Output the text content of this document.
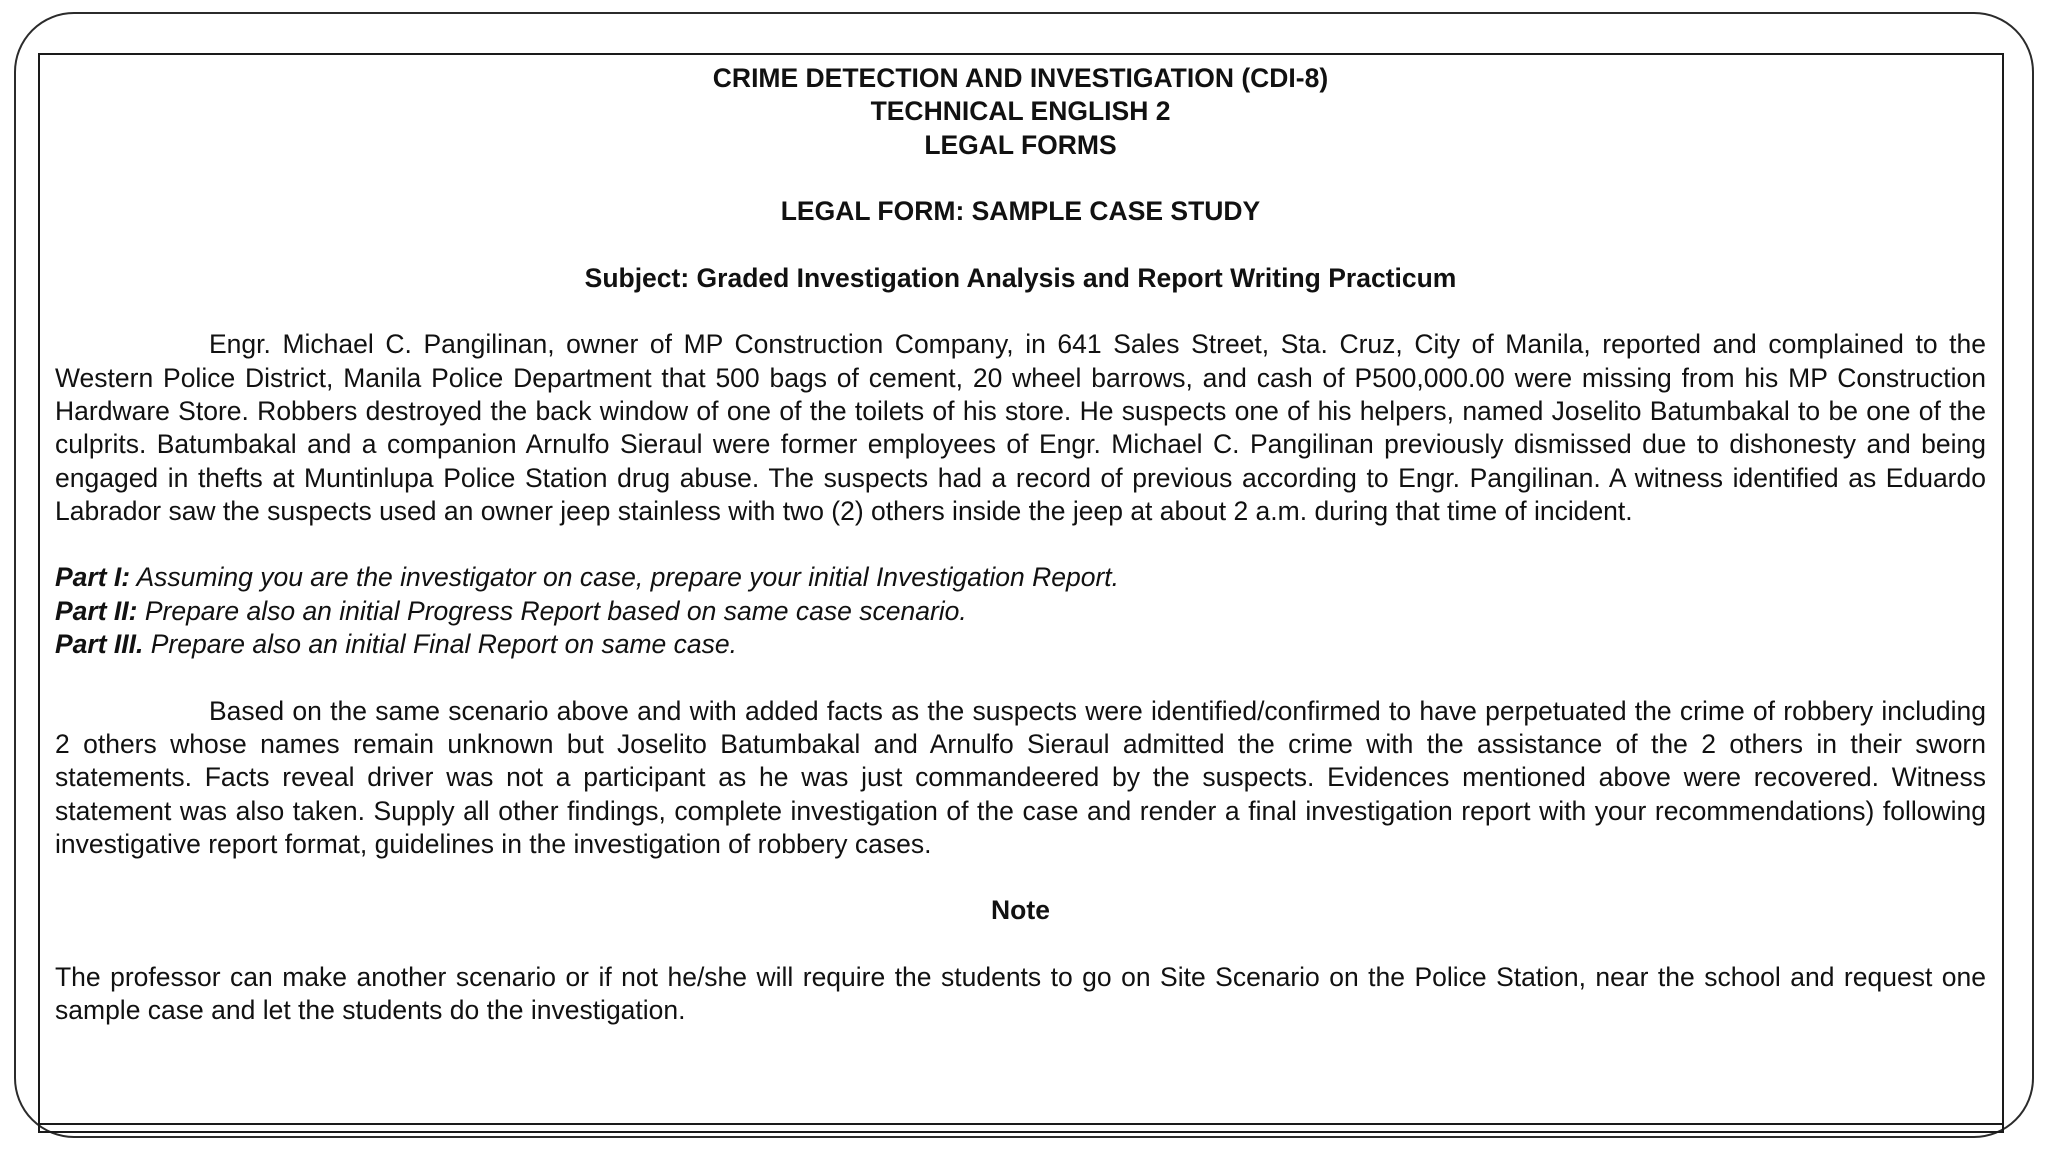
CRIME DETECTION AND INVESTIGATION (CDI-8)
TECHNICAL ENGLISH 2
LEGAL FORMS
LEGAL FORM: SAMPLE CASE STUDY
Subject: Graded Investigation Analysis and Report Writing Practicum

Engr. Michael C. Pangilinan, owner of MP Construction Company, in 641 Sales Street, Sta. Cruz, City of Manila, reported and complained to the Western Police District, Manila Police Department that 500 bags of cement, 20 wheel barrows, and cash of P500,000.00 were missing from his MP Construction Hardware Store. Robbers destroyed the back window of one of the toilets of his store. He suspects one of his helpers, named Joselito Batumbakal to be one of the culprits. Batumbakal and a companion Arnulfo Sieraul were former employees of Engr. Michael C. Pangilinan previously dismissed due to dishonesty and being engaged in thefts at Muntinlupa Police Station drug abuse. The suspects had a record of previous according to Engr. Pangilinan. A witness identified as Eduardo Labrador saw the suspects used an owner jeep stainless with two (2) others inside the jeep at about 2 a.m. during that time of incident.

Part I: Assuming you are the investigator on case, prepare your initial Investigation Report.

Part II: Prepare also an initial Progress Report based on same case scenario.

Part III. Prepare also an initial Final Report on same case.

Based on the same scenario above and with added facts as the suspects were identified/confirmed to have perpetuated the crime of robbery including 2 others whose names remain unknown but Joselito Batumbakal and Arnulfo Sieraul admitted the crime with the assistance of the 2 others in their sworn statements. Facts reveal driver was not a participant as he was just commandeered by the suspects. Evidences mentioned above were recovered. Witness statement was also taken. Supply all other findings, complete investigation of the case and render a final investigation report with your recommendations) following investigative report format, guidelines in the investigation of robbery cases.

Note

The professor can make another scenario or if not he/she will require the students to go on Site Scenario on the Police Station, near the school and request one sample case and let the students do the investigation.
